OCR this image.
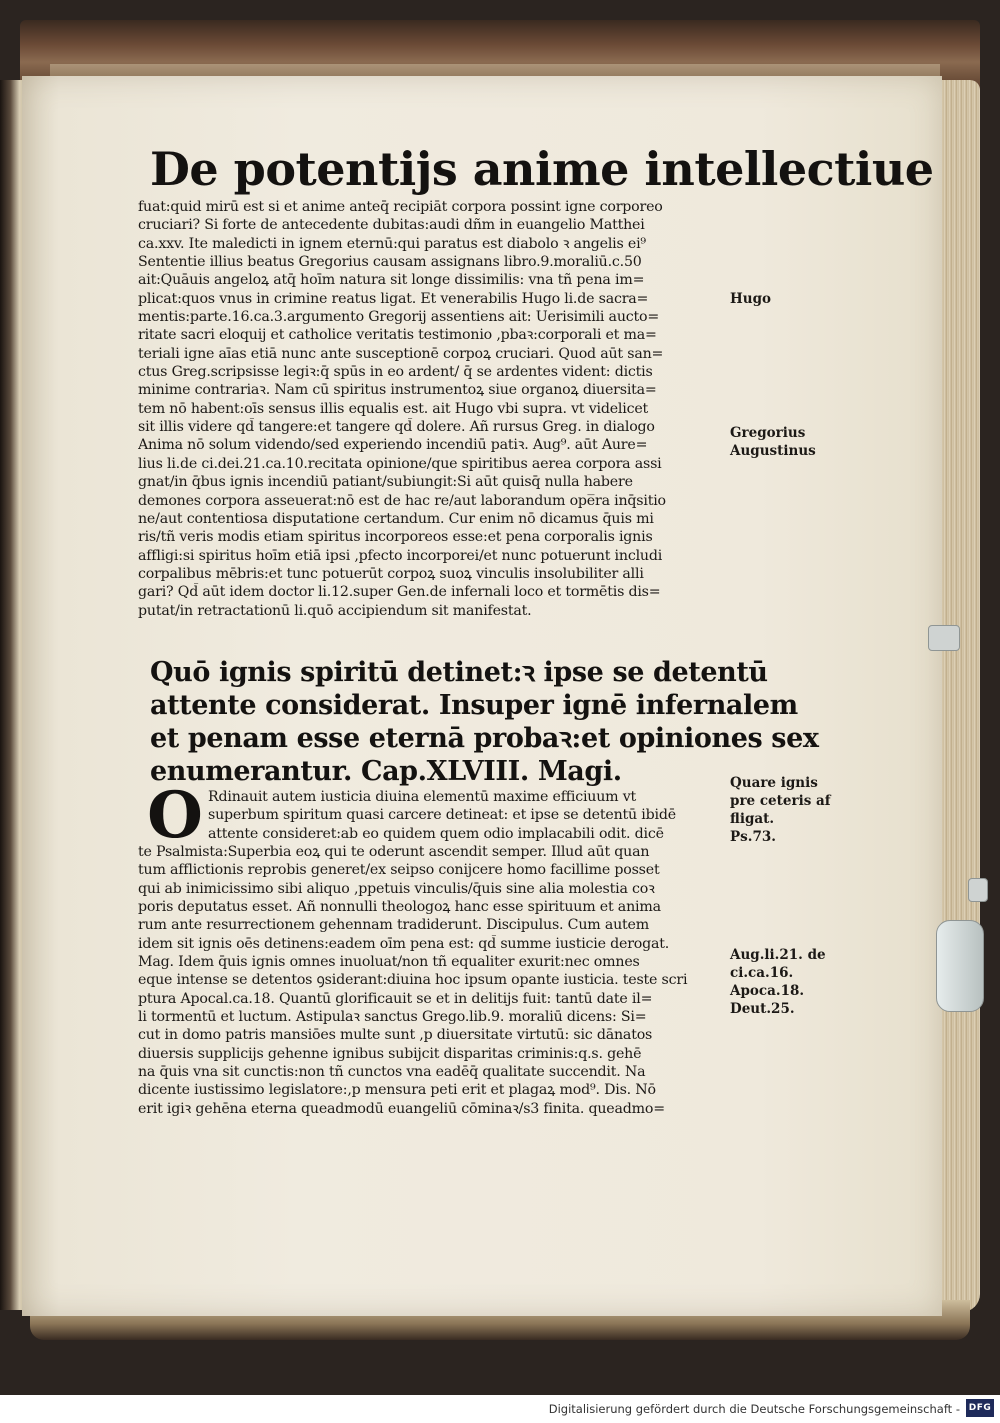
De potentijs anime intellectiue

fuat:quid mirū est si et anime anteq̄ recipiāt corpora possint igne corporeo
cruciari? Si forte de antecedente dubitas:audi dñm in euangelio Matthei
ca.xxv. Ite maledicti in ignem eternū:qui paratus est diabolo ꝛ angelis ei⁹
Sententie illius beatus Gregorius causam assignans libro.9.moraliū.c.50
ait:Quāuis angeloꝝ atq̄ hoīm natura sit longe dissimilis: vna tñ pena im=
plicat:quos vnus in crimine reatus ligat. Et venerabilis Hugo li.de sacra=
mentis:parte.16.ca.3.argumento Gregorij assentiens ait: Uerisimili aucto=
ritate sacri eloquij et catholice veritatis testimonio ,pbaꝛ:corporali et ma=
teriali igne aīas etiā nunc ante susceptionē corpoꝝ cruciari. Quod aūt san=
ctus Greg.scripsisse legiꝛ:q̄ spūs in eo ardent/ q̄ se ardentes vident: dictis
minime contrariaꝛ. Nam cū spiritus instrumentoꝝ siue organoꝝ diuersita=
tem nō habent:oīs sensus illis equalis est. ait Hugo vbi supra. vt videlicet
sit illis videre qd̄ tangere:et tangere qd̄ dolere. Añ rursus Greg. in dialogo
Anima nō solum videndo/sed experiendo incendiū patiꝛ. Aug⁹. aūt Aure=
lius li.de ci.dei.21.ca.10.recitata opinione/que spiritibus aerea corpora assi
gnat/in q̄bus ignis incendiū patiant/subiungit:Si aūt quisq̄ nulla habere
demones corpora asseuerat:nō est de hac re/aut laborandum ope̅ra inq̄sitio
ne/aut contentiosa disputatione certandum. Cur enim nō dicamus q̄uis mi
ris/tñ veris modis etiam spiritus incorporeos esse:et pena corporalis ignis
affligi:si spiritus hoīm etiā ipsi ,pfecto incorporei/et nunc potuerunt includi
corpalibus mēbris:et tunc potuerūt corpoꝝ suoꝝ vinculis insolubiliter alli
gari? Qd̄ aūt idem doctor li.12.super Gen.de infernali loco et tormētis dis=
putat/in retractationū li.quō accipiendum sit manifestat.

Quō ignis spiritū detinet:ꝛ ipse se detentū
attente considerat. Insuper ignē infernalem
et penam esse eternā probaꝛ:et opiniones sex
enumerantur. Cap.XLVIII. Magi.
O Rdinauit autem iusticia diuina elementū maxime efficiuum vt
superbum spiritum quasi carcere detineat: et ipse se detentū ibidē
attente consideret:ab eo quidem quem odio implacabili odit. dicē

te Psalmista:Superbia eoꝝ qui te oderunt ascendit semper. Illud aūt quan
tum afflictionis reprobis generet/ex seipso conijcere homo facillime posset
qui ab inimicissimo sibi aliquo ,ppetuis vinculis/q̄uis sine alia molestia coꝛ
poris deputatus esset. Añ nonnulli theologoꝝ hanc esse spirituum et anima
rum ante resurrectionem gehennam tradiderunt. Discipulus. Cum autem
idem sit ignis oēs detinens:eadem oīm pena est: qd̄ summe iusticie derogat.
Mag. Idem q̄uis ignis omnes inuoluat/non tñ equaliter exurit:nec omnes
eque intense se detentos ꝯsiderant:diuina hoc ipsum opante iusticia. teste scri
ptura Apocal.ca.18. Quantū glorificauit se et in delitijs fuit: tantū date il=
li tormentū et luctum. Astipulaꝛ sanctus Grego.lib.9. moraliū dicens: Si=
cut in domo patris mansiōes multe sunt ,p diuersitate virtutū: sic dānatos
diuersis supplicijs gehenne ignibus subijcit disparitas criminis:q.s. gehē
na q̄uis vna sit cunctis:non tñ cunctos vna eadēq̄ qualitate succendit. Na
dicente iustissimo legislatore:,p mensura peti erit et plagaꝝ mod⁹. Dis. Nō
erit igiꝛ gehēna eterna queadmodū euangeliū cōminaꝛ/s3 finita. queadmo=

Hugo

Gregorius
Augustinus

Quare ignis
pre ceteris af
fligat.
Ps.73.

Aug.li.21. de
ci.ca.16.
Apoca.18.
Deut.25.

Digitalisierung gefördert durch die Deutsche Forschungsgemeinschaft - DFG
